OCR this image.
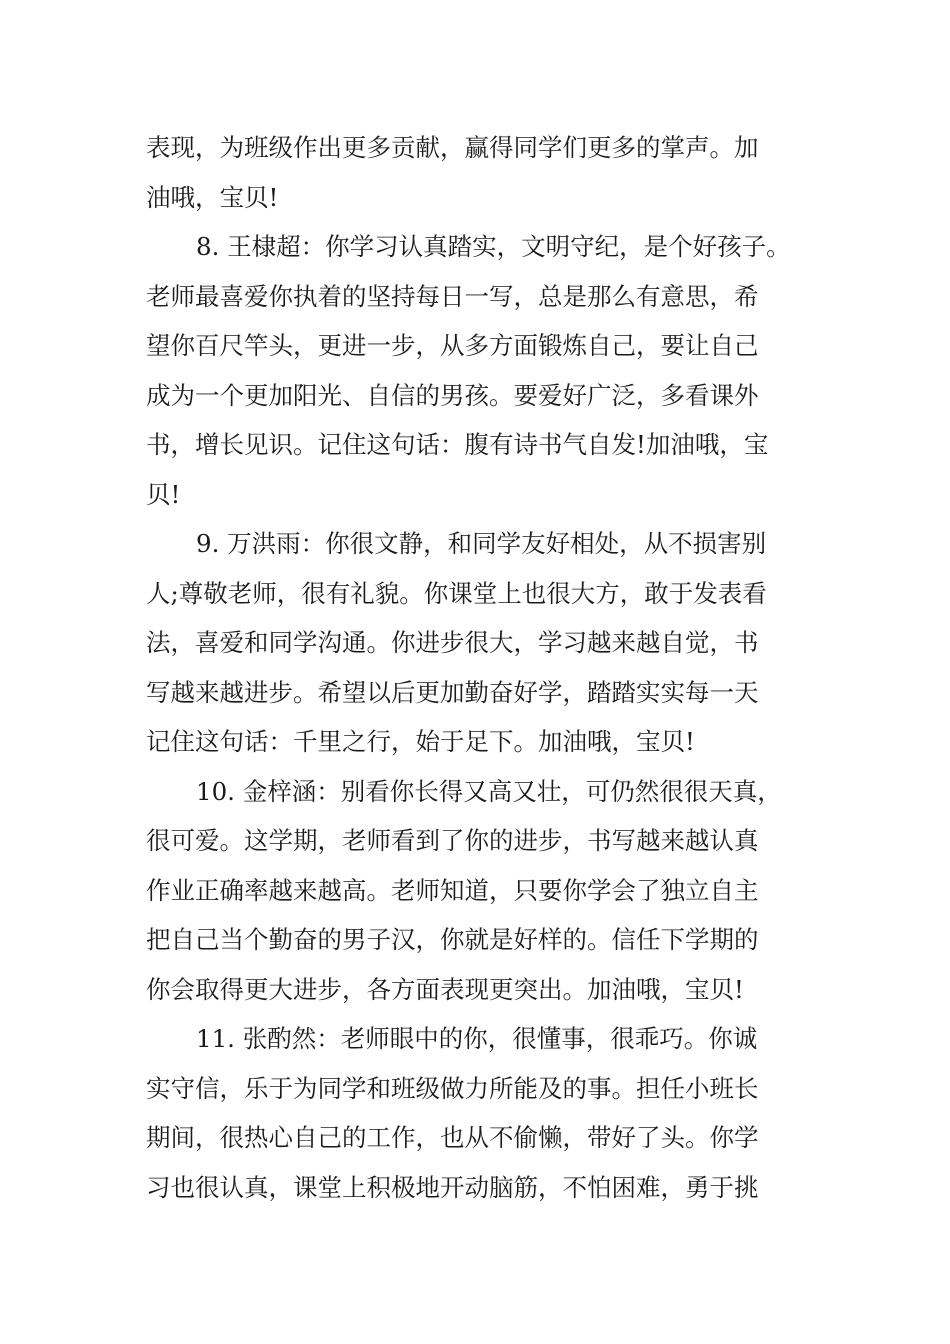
表现，为班级作出更多贡献，赢得同学们更多的掌声。加
油哦，宝贝!
8. 王棣超：你学习认真踏实，文明守纪，是个好孩子。
老师最喜爱你执着的坚持每日一写，总是那么有意思，希
望你百尺竿头，更进一步，从多方面锻炼自己，要让自己
成为一个更加阳光、自信的男孩。要爱好广泛，多看课外
书，增长见识。记住这句话：腹有诗书气自发!加油哦，宝
贝!
9. 万洪雨：你很文静，和同学友好相处，从不损害别
人;尊敬老师，很有礼貌。你课堂上也很大方，敢于发表看
法，喜爱和同学沟通。你进步很大，学习越来越自觉，书
写越来越进步。希望以后更加勤奋好学，踏踏实实每一天
记住这句话：千里之行，始于足下。加油哦，宝贝!
10. 金梓涵：别看你长得又高又壮，可仍然很很天真，
很可爱。这学期，老师看到了你的进步，书写越来越认真
作业正确率越来越高。老师知道，只要你学会了独立自主
把自己当个勤奋的男子汉，你就是好样的。信任下学期的
你会取得更大进步，各方面表现更突出。加油哦，宝贝!
11. 张酌然：老师眼中的你，很懂事，很乖巧。你诚
实守信，乐于为同学和班级做力所能及的事。担任小班长
期间，很热心自己的工作，也从不偷懒，带好了头。你学
习也很认真，课堂上积极地开动脑筋，不怕困难，勇于挑
